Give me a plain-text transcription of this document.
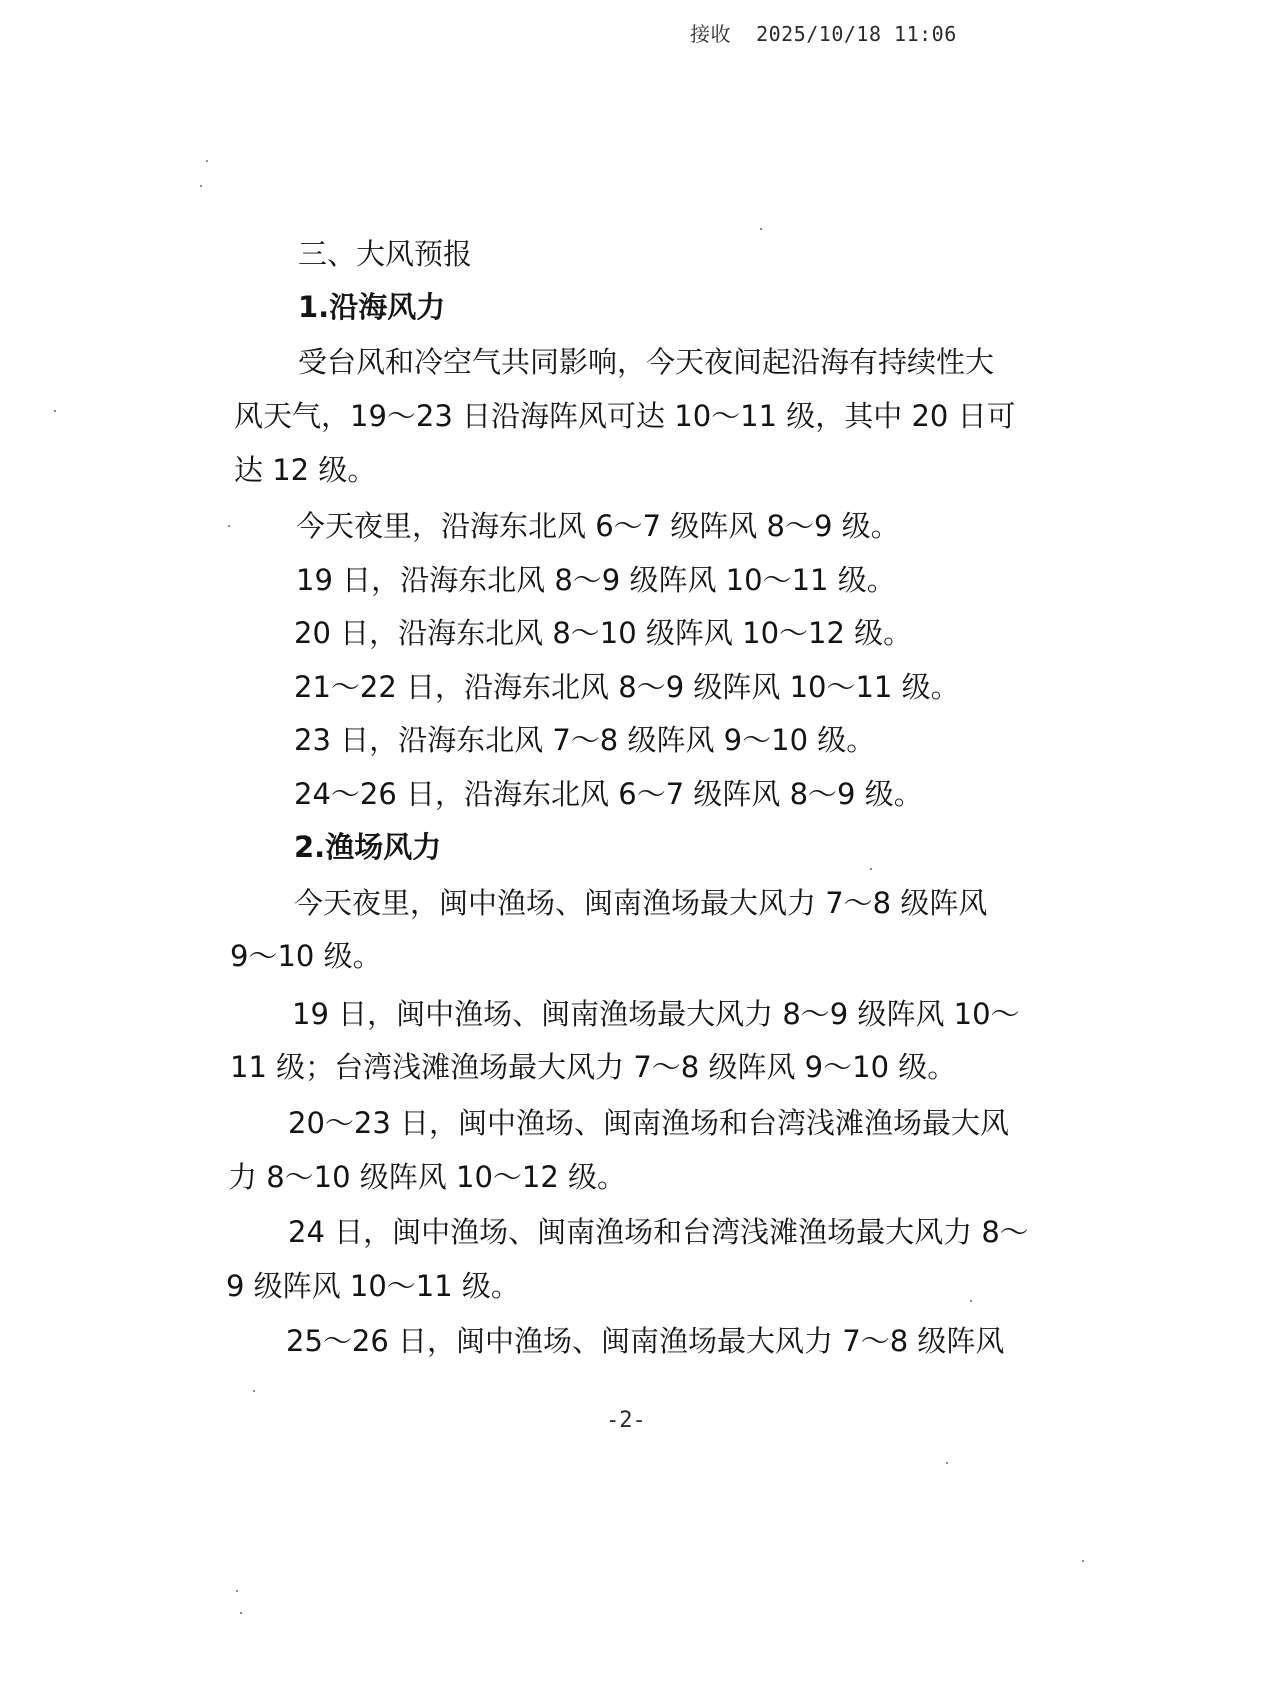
接收 2025/10/18 11:06
三、大风预报
1.沿海风力
受台风和冷空气共同影响，今天夜间起沿海有持续性大
风天气，19～23 日沿海阵风可达 10～11 级，其中 20 日可
达 12 级。
今天夜里，沿海东北风 6～7 级阵风 8～9 级。
19 日，沿海东北风 8～9 级阵风 10～11 级。
20 日，沿海东北风 8～10 级阵风 10～12 级。
21～22 日，沿海东北风 8～9 级阵风 10～11 级。
23 日，沿海东北风 7～8 级阵风 9～10 级。
24～26 日，沿海东北风 6～7 级阵风 8～9 级。
2.渔场风力
今天夜里，闽中渔场、闽南渔场最大风力 7～8 级阵风
9～10 级。
19 日，闽中渔场、闽南渔场最大风力 8～9 级阵风 10～
11 级；台湾浅滩渔场最大风力 7～8 级阵风 9～10 级。
20～23 日，闽中渔场、闽南渔场和台湾浅滩渔场最大风
力 8～10 级阵风 10～12 级。
24 日，闽中渔场、闽南渔场和台湾浅滩渔场最大风力 8～
9 级阵风 10～11 级。
25～26 日，闽中渔场、闽南渔场最大风力 7～8 级阵风
-2-
